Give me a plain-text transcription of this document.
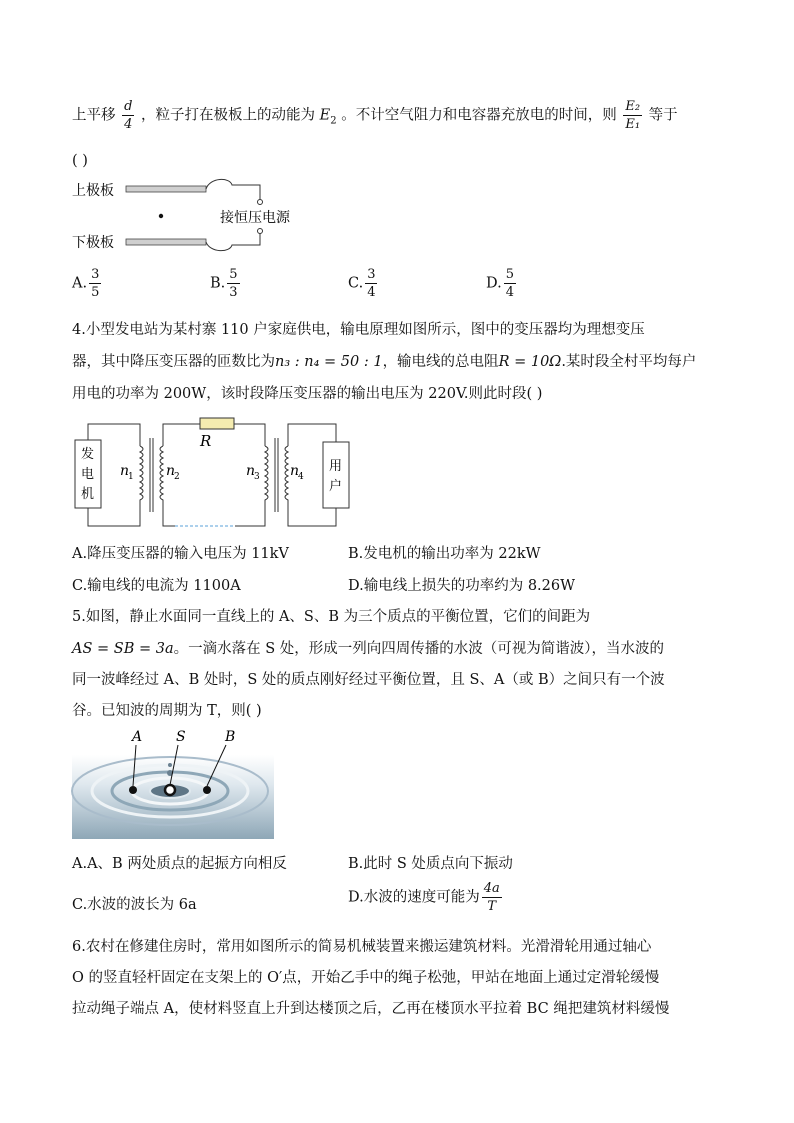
上平移 $\frac{d}{4}$ ，粒子打在极板上的动能为 $E_2$ 。不计空气阻力和电容器充放电的时间，则 $\frac{\text{E₂}}{\text{E₁}}$ 等于
( )
上极板
下极板
接恒压电源
A. $\frac{3}{5}$	B. $\frac{5}{3}$	C. $\frac{3}{4}$	D. $\frac{5}{4}$
4.小型发电站为某村寨 110 户家庭供电，输电原理如图所示，图中的变压器均为理想变压
器，其中降压变压器的匝数比为n₃ : n₄ = 50 : 1，输电线的总电阻R = 10Ω.某时段全村平均每户
用电的功率为 200W，该时段降压变压器的输出电压为 220V.则此时段( )
发
电
机
n
1 n
2
R
n
3 n
4
用
户
A.降压变压器的输入电压为 11kV	B.发电机的输出功率为 22kW
C.输电线的电流为 1100A	D.输电线上损失的功率约为 8.26W
5.如图，静止水面同一直线上的 A、S、B 为三个质点的平衡位置，它们的间距为
AS = SB = 3a。一滴水落在 S 处，形成一列向四周传播的水波（可视为简谐波），当水波的
同一波峰经过 A、B 处时，S 处的质点刚好经过平衡位置，且 S、A（或 B）之间只有一个波
谷。已知波的周期为 T，则( )
A S	B
A.A、B 两处质点的起振方向相反	B.此时 S 处质点向下振动
C.水波的波长为 6a	D.水波的速度可能为 $\frac{4a}{T}$
6.农村在修建住房时，常用如图所示的简易机械装置来搬运建筑材料。光滑滑轮用通过轴心
O 的竖直轻杆固定在支架上的 O′点，开始乙手中的绳子松弛，甲站在地面上通过定滑轮缓慢
拉动绳子端点 A，使材料竖直上升到达楼顶之后，乙再在楼顶水平拉着 BC 绳把建筑材料缓慢
